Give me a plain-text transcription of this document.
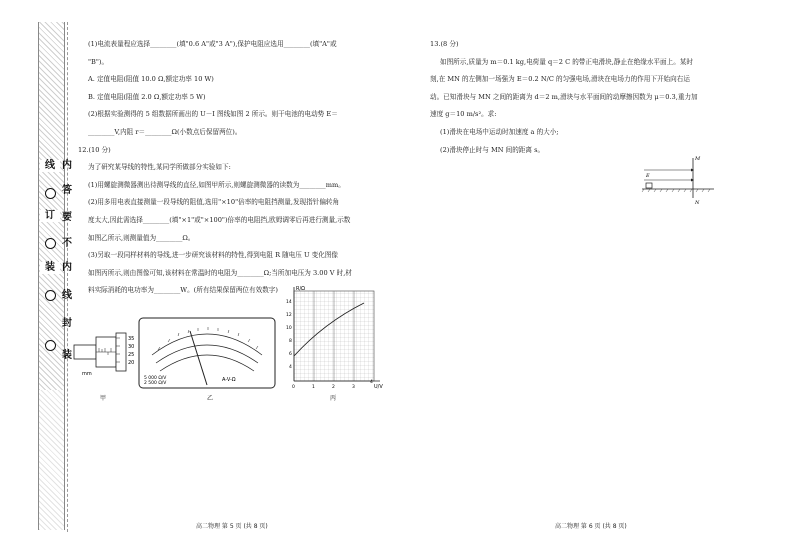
线
订
装
内
答
要
不
内
线
封
装

(1)电流表量程应选择________(填"0.6 A"或"3 A"),保护电阻应选用________(填"A"或

"B")。

A. 定值电阻(阻值 10.0 Ω,额定功率 10 W)

B. 定值电阻(阻值 2.0 Ω,额定功率 5 W)

(2)根据实验测得的 5 组数据所画出的 U－I 图线如图 2 所示。则干电池的电动势 E＝

________V,内阻 r＝________Ω(小数点后保留两位)。

12.(10 分)

为了研究某导线的特性,某同学所做部分实验如下:

(1)用螺旋测微器测出待测导线的直径,如图甲所示,则螺旋测微器的读数为________mm。

(2)用多用电表直接测量一段导线的阻值,选用"×10"倍率的电阻挡测量,发现指针偏转角

度太大,因此需选择________(填"×1"或"×100")倍率的电阻挡,欧姆调零后再进行测量,示数

如图乙所示,则测量值为________Ω。

(3)另取一段同样材料的导线,进一步研究该材料的特性,得到电阻 R 随电压 U 变化图像

如图丙所示,则由图像可知,该材料在常温时的电阻为________Ω;当所加电压为 3.00 V 时,材

料实际消耗的电功率为________W。(所有结果保留两位有效数字)

35
30
25
20
mm
甲
5 000 Ω/V
2 500 Ω/V
A-V-Ω
乙
R/Ω
U/V
14
12
10
8
6
4
0	1	2	3
4
丙
高二物理 第 5 页 (共 8 页)

13.(8 分)

如图所示,质量为 m＝0.1 kg,电荷量 q＝2 C 的带正电滑块,静止在绝缘水平面上。某时

刻,在 MN 的左侧加一场强为 E＝0.2 N/C 的匀强电场,滑块在电场力的作用下开始向右运

动。已知滑块与 MN 之间的距离为 d＝2 m,滑块与水平面间的动摩擦因数为 μ＝0.3,重力加

速度 g＝10 m/s²。求:

(1)滑块在电场中运动时加速度 a 的大小;

(2)滑块停止时与 MN 间的距离 s。

M
N
E
高二物理 第 6 页 (共 8 页)
